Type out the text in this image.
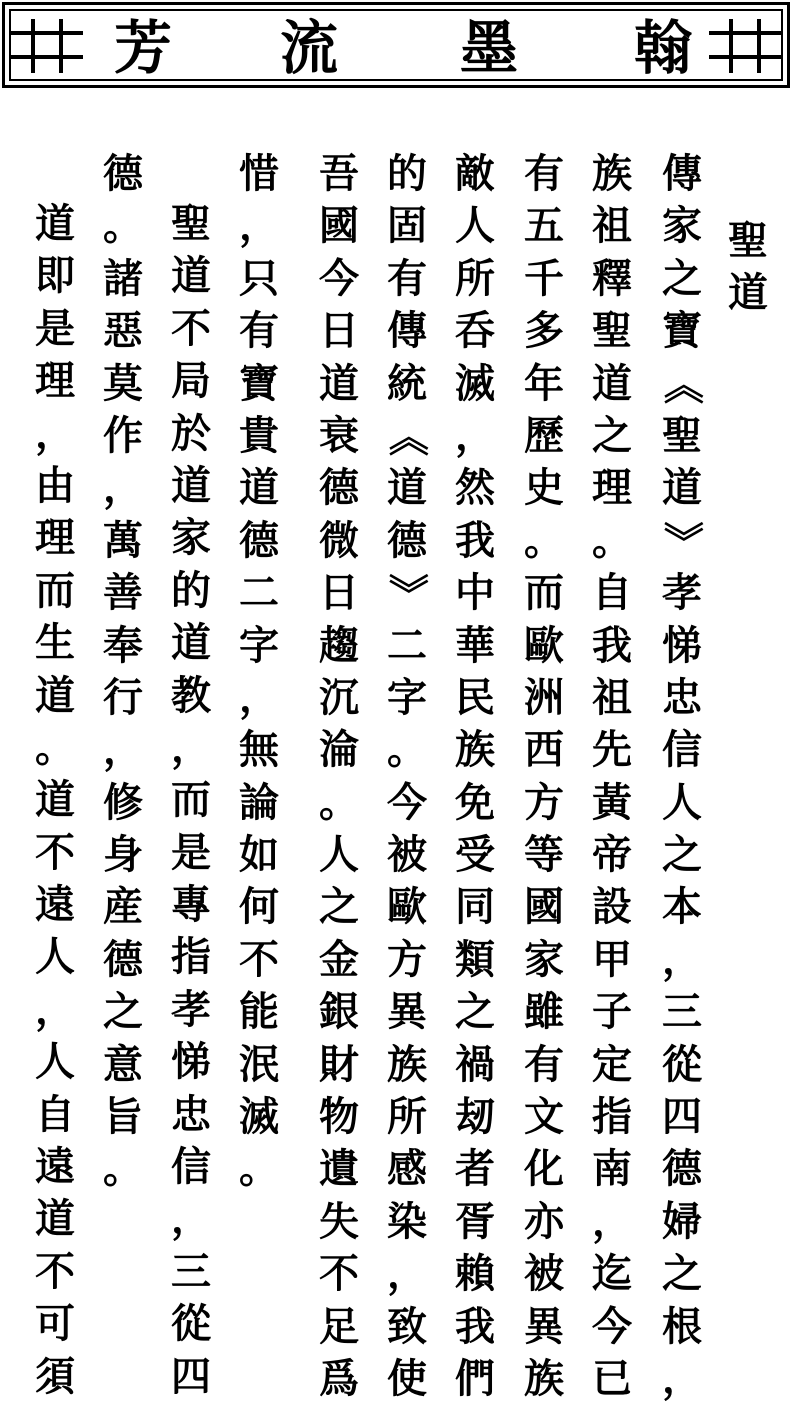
翰
墨
流
芳
聖
道
傳
家
之
寶
《
聖
道
》
孝
悌
忠
信
人
之
本
，
三
從
四
德
婦
之
根
，
族
祖
釋
聖
道
之
理
。
自
我
祖
先
黃
帝
設
甲
子
定
指
南
，
迄
今
已
有
五
千
多
年
歷
史
。
而
歐
洲
西
方
等
國
家
雖
有
文
化
亦
被
異
族
敵
人
所
呑
滅
，
然
我
中
華
民
族
免
受
同
類
之
禍
刼
者
胥
賴
我
們
的
固
有
傳
統
《
道
德
》
二
字
。
今
被
歐
方
異
族
所
感
染
，
致
使
吾
國
今
日
道
衰
德
微
日
趨
沉
淪
。
人
之
金
銀
財
物
遺
失
不
足
爲
惜
，
只
有
寶
貴
道
德
二
字
，
無
論
如
何
不
能
泯
滅
。
聖
道
不
局
於
道
家
的
道
教
，
而
是
專
指
孝
悌
忠
信
，
三
從
四
德
。
諸
惡
莫
作
，
萬
善
奉
行
，
修
身
産
德
之
意
旨
。
道
即
是
理
，
由
理
而
生
道
。
道
不
遠
人
，
人
自
遠
道
不
可
須
